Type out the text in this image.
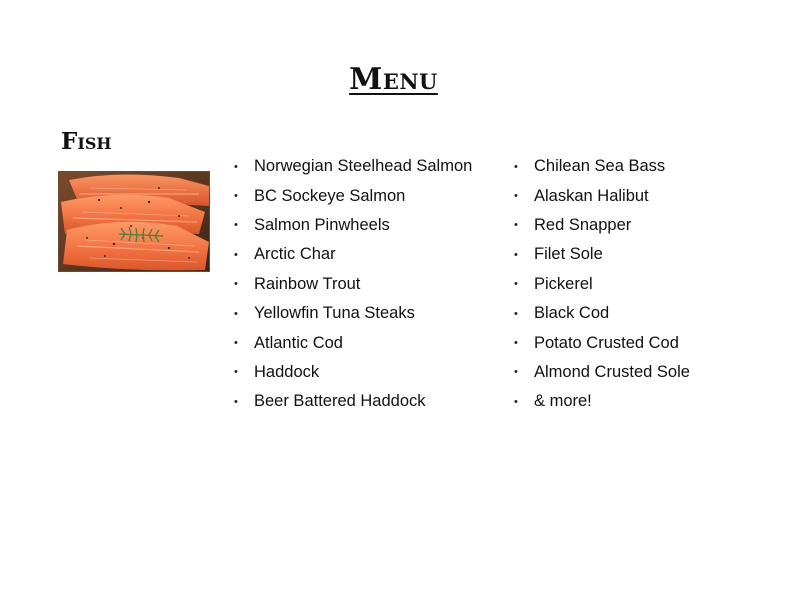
Menu
Fish
• Norwegian Steelhead Salmon
• BC Sockeye Salmon
• Salmon Pinwheels
• Arctic Char
• Rainbow Trout
• Yellowfin Tuna Steaks
• Atlantic Cod
• Haddock
• Beer Battered Haddock
• Chilean Sea Bass
• Alaskan Halibut
• Red Snapper
• Filet Sole
• Pickerel
• Black Cod
• Potato Crusted Cod
• Almond Crusted Sole
• & more!
